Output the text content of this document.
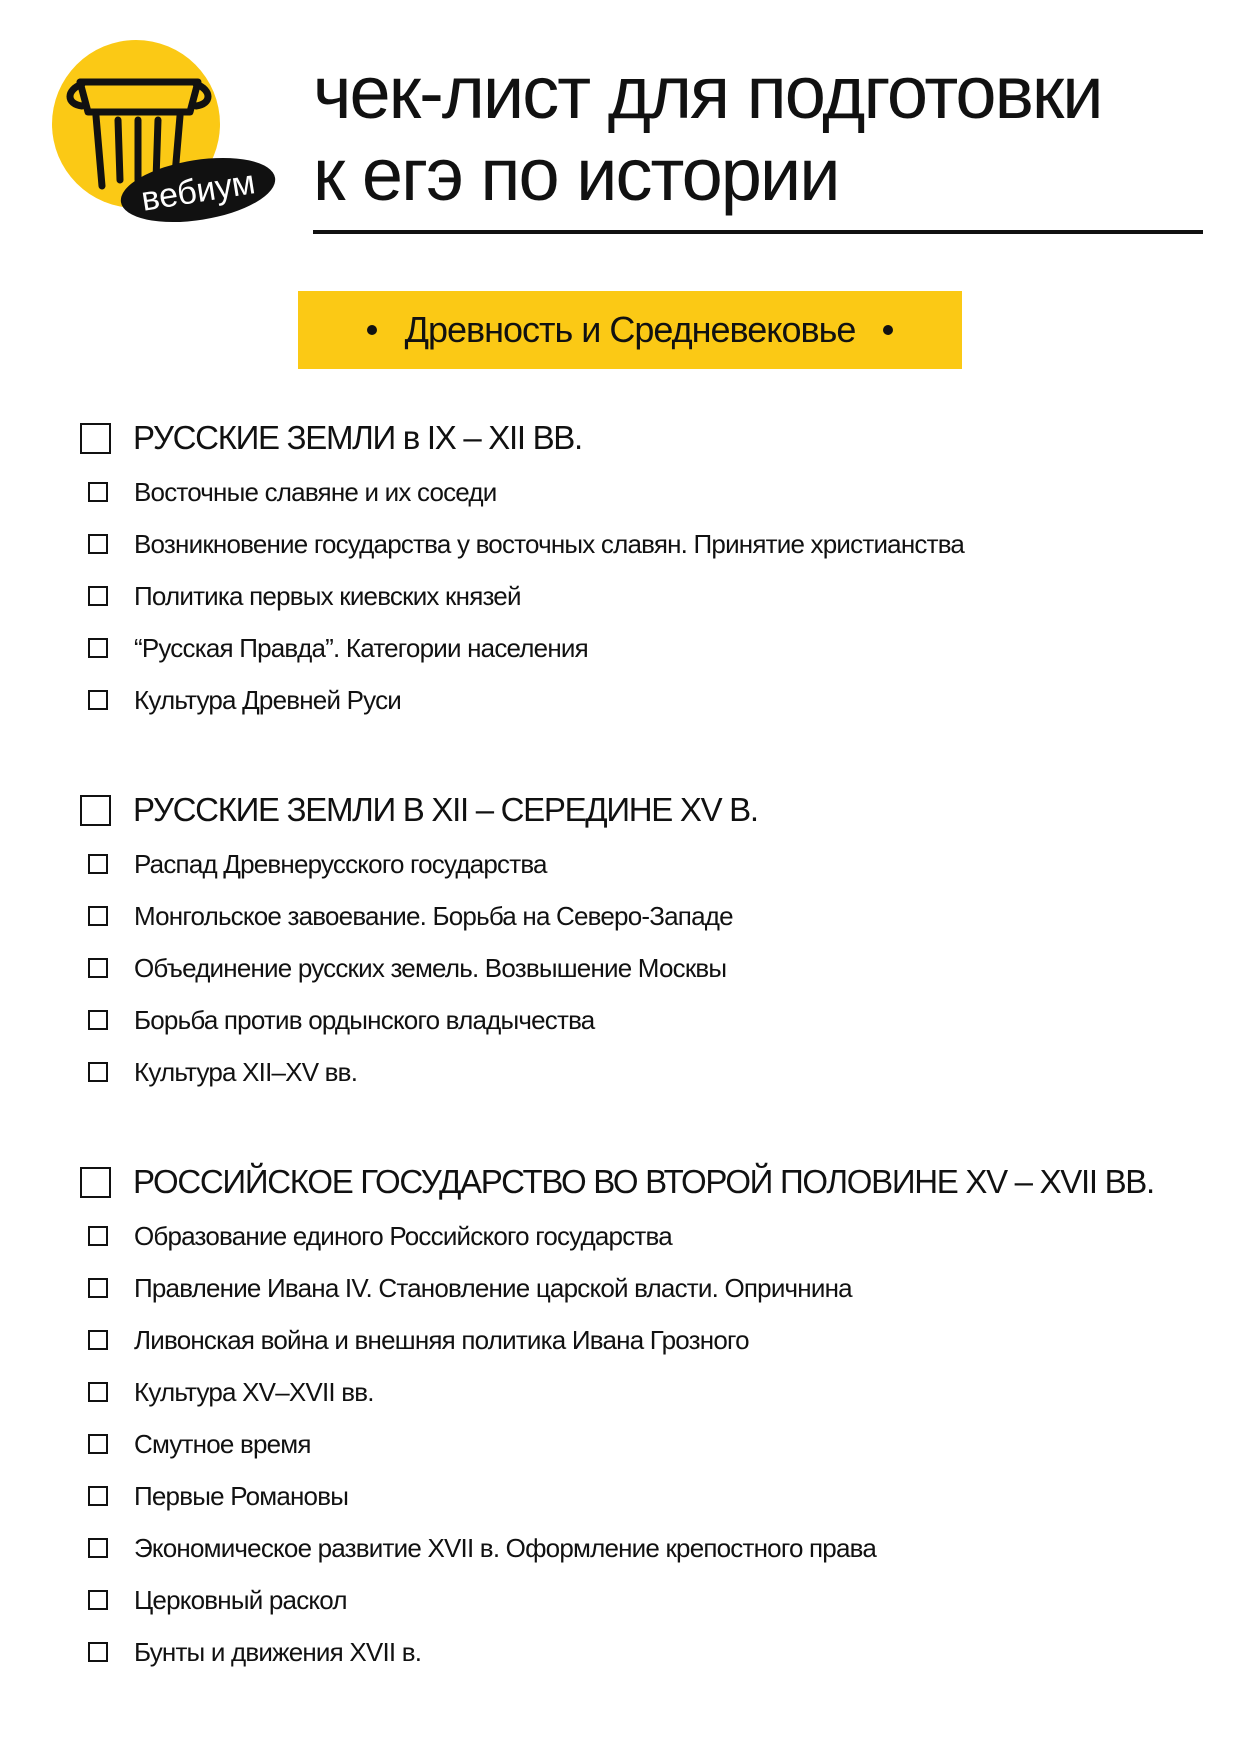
вебиум
чек-лист для подготовки
к егэ по истории
Древность и Средневековье
РУССКИЕ ЗЕМЛИ в IX – XII ВВ.
Восточные славяне и их соседи
Возникновение государства у восточных славян. Принятие христианства
Политика первых киевских князей
“Русская Правда”. Категории населения
Культура Древней Руси
РУССКИЕ ЗЕМЛИ В XII – СЕРЕДИНЕ XV В.
Распад Древнерусского государства
Монгольское завоевание. Борьба на Северо-Западе
Объединение русских земель. Возвышение Москвы
Борьба против ордынского владычества
Культура XII–XV вв.
РОССИЙСКОЕ ГОСУДАРСТВО ВО ВТОРОЙ ПОЛОВИНЕ XV – XVII ВВ.
Образование единого Российского государства
Правление Ивана IV. Становление царской власти. Опричнина
Ливонская война и внешняя политика Ивана Грозного
Культура XV–XVII вв.
Смутное время
Первые Романовы
Экономическое развитие XVII в. Оформление крепостного права
Церковный раскол
Бунты и движения XVII в.
